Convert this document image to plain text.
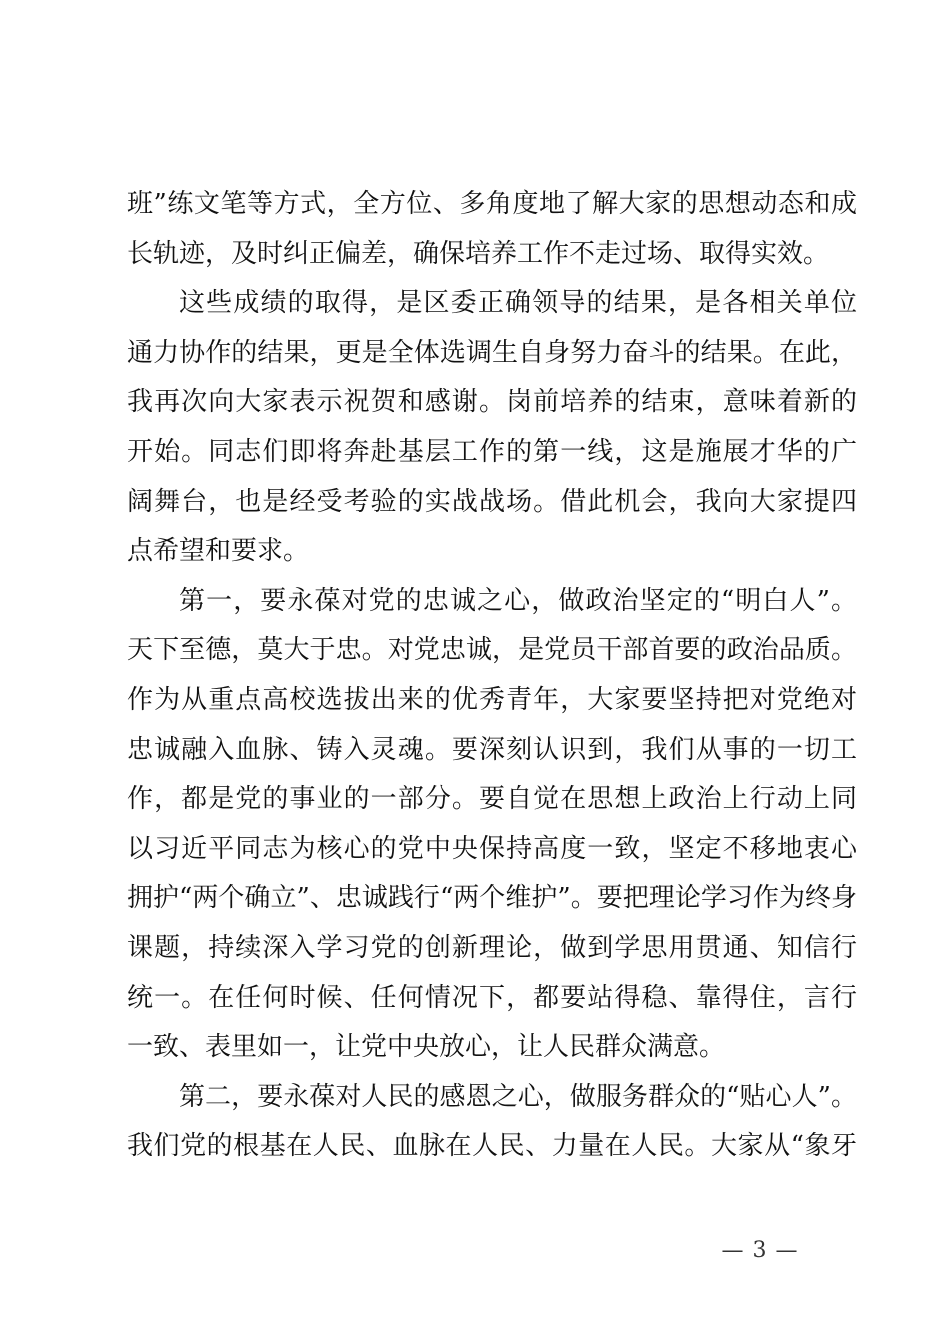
班”练文笔等方式，全方位、多角度地了解大家的思想动态和成
长轨迹，及时纠正偏差，确保培养工作不走过场、取得实效。
这些成绩的取得，是区委正确领导的结果，是各相关单位
通力协作的结果，更是全体选调生自身努力奋斗的结果。在此，
我再次向大家表示祝贺和感谢。岗前培养的结束，意味着新的
开始。同志们即将奔赴基层工作的第一线，这是施展才华的广
阔舞台，也是经受考验的实战战场。借此机会，我向大家提四
点希望和要求。
第一，要永葆对党的忠诚之心，做政治坚定的“明白人”。
天下至德，莫大于忠。对党忠诚，是党员干部首要的政治品质。
作为从重点高校选拔出来的优秀青年，大家要坚持把对党绝对
忠诚融入血脉、铸入灵魂。要深刻认识到，我们从事的一切工
作，都是党的事业的一部分。要自觉在思想上政治上行动上同
以习近平同志为核心的党中央保持高度一致，坚定不移地衷心
拥护“两个确立”、忠诚践行“两个维护”。要把理论学习作为终身
课题，持续深入学习党的创新理论，做到学思用贯通、知信行
统一。在任何时候、任何情况下，都要站得稳、靠得住，言行
一致、表里如一，让党中央放心，让人民群众满意。
第二，要永葆对人民的感恩之心，做服务群众的“贴心人”。
我们党的根基在人民、血脉在人民、力量在人民。大家从“象牙
— 3 —
